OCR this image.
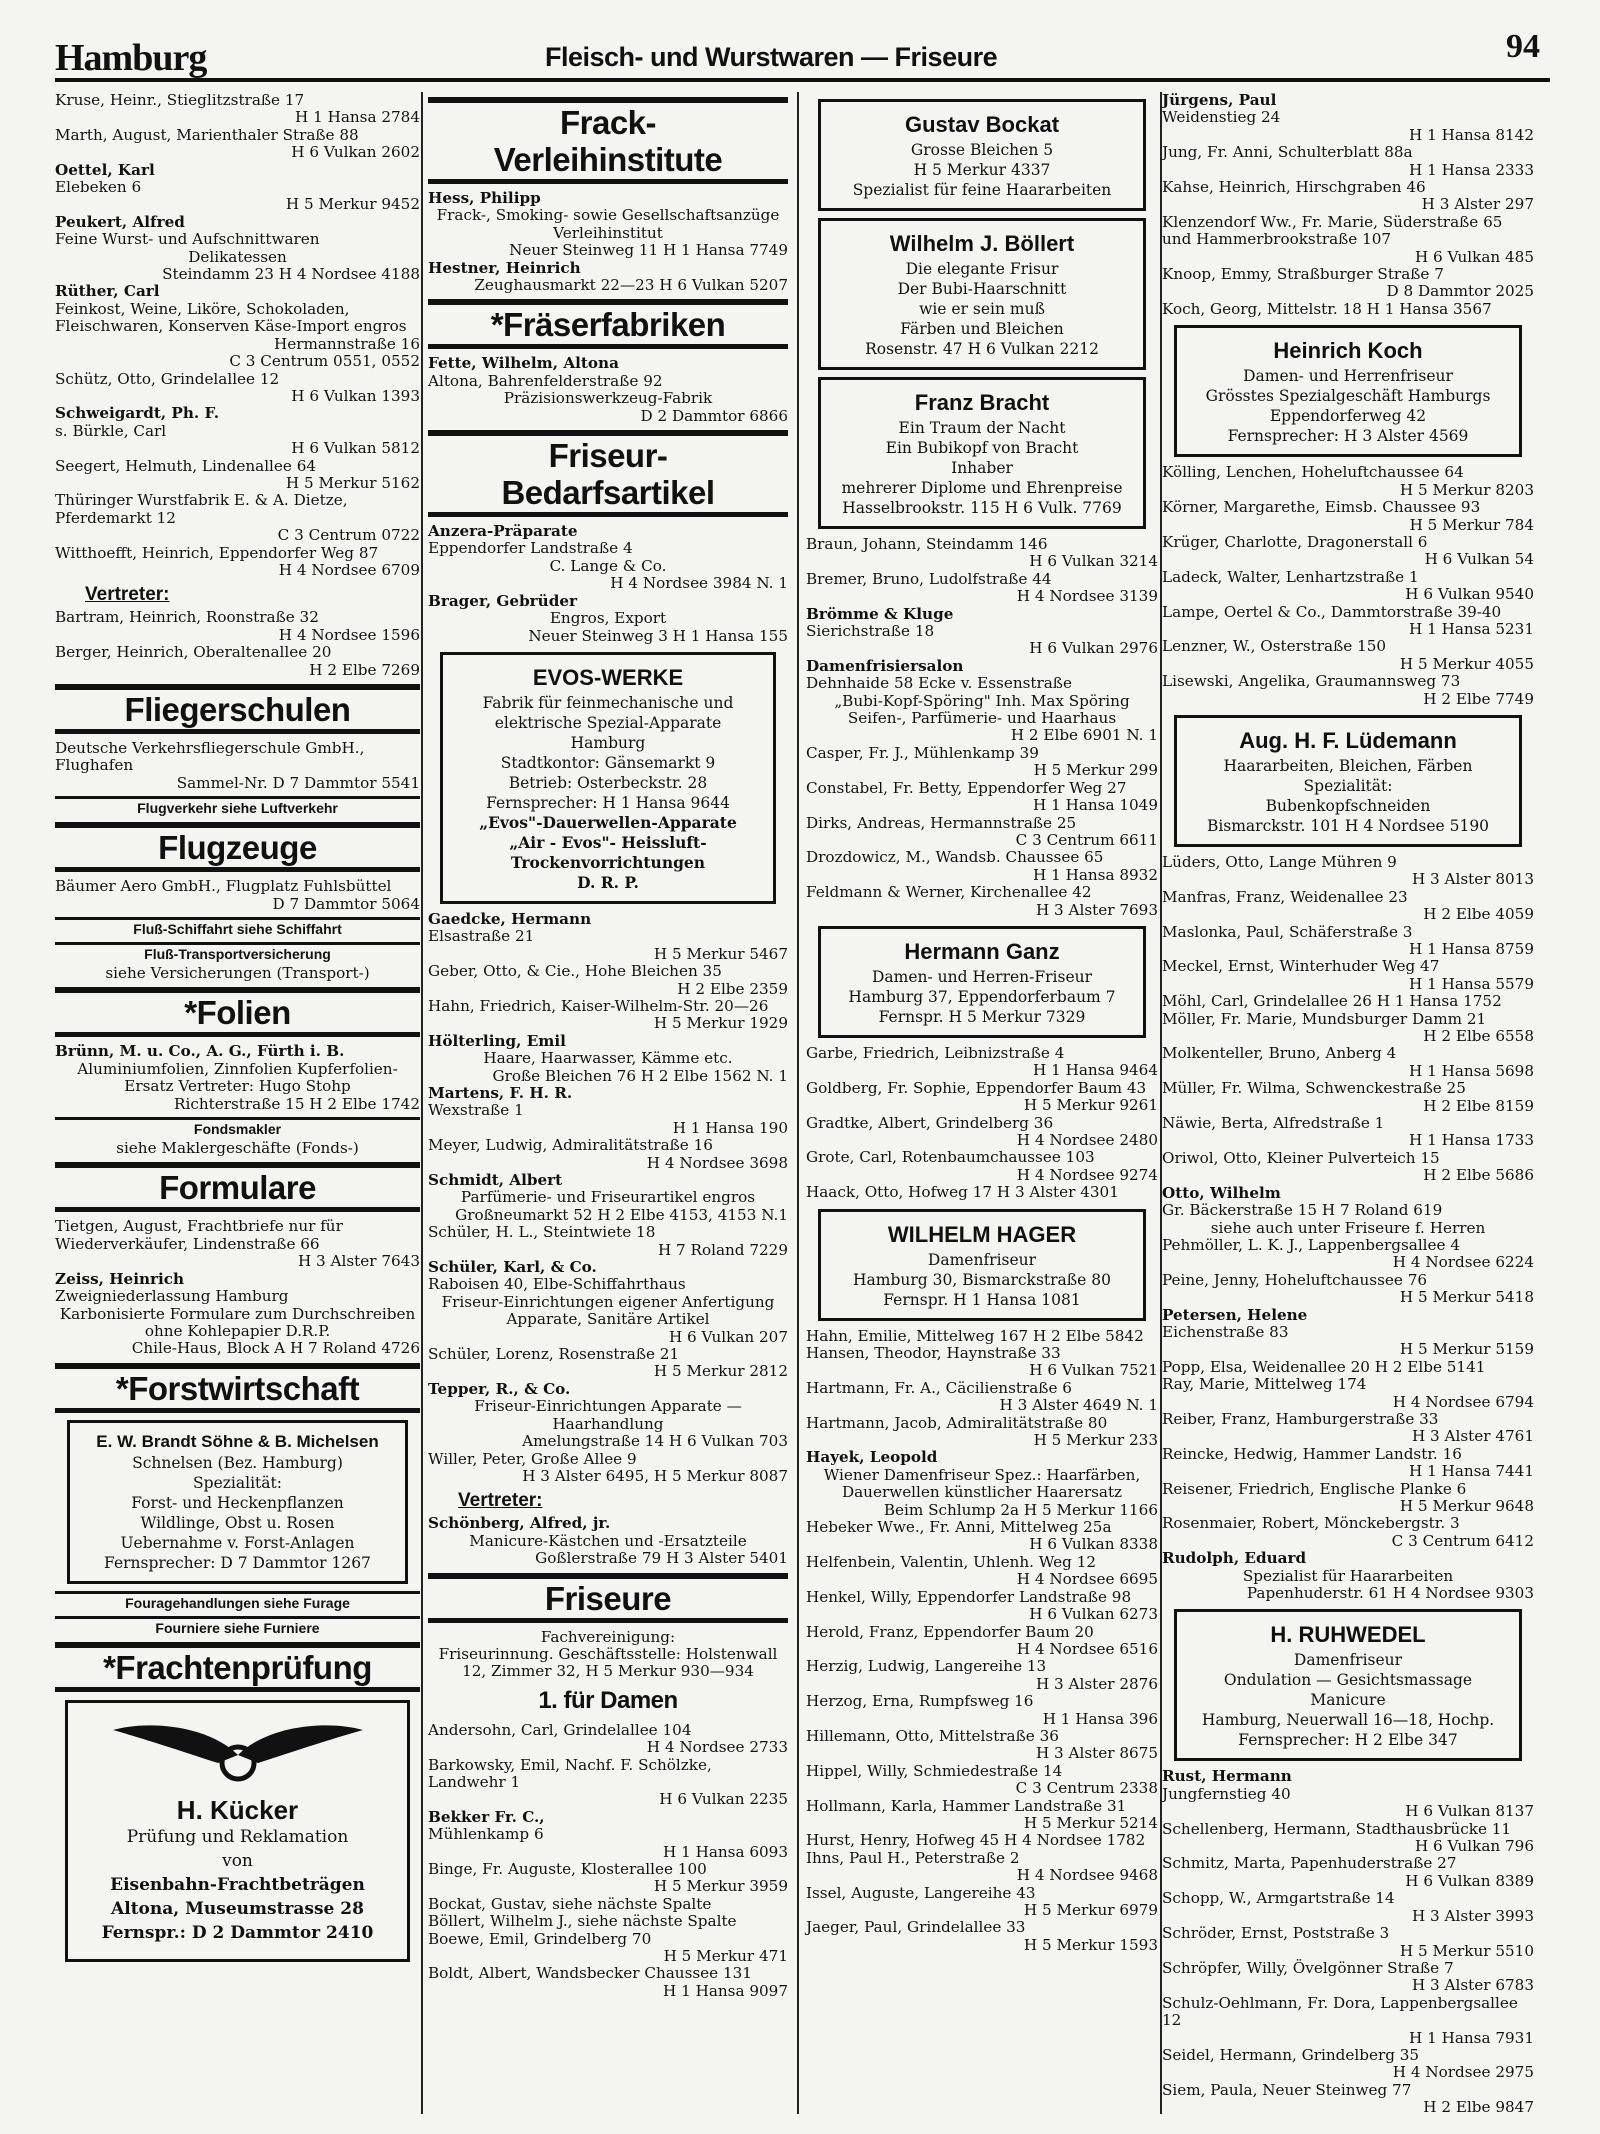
Hamburg	Fleisch- und Wurstwaren — Friseure	94
Kruse, Heinr., Stieglitzstraße 17
H 1 Hansa 2784
Marth, August, Marienthaler Straße 88
H 6 Vulkan 2602
Oettel, Karl
Elebeken 6
H 5 Merkur 9452
Peukert, Alfred
Feine Wurst- und Aufschnittwaren
Delikatessen
Steindamm 23 H 4 Nordsee 4188
Rüther, Carl
Feinkost, Weine, Liköre, Schokoladen, Fleischwaren, Konserven Käse-Import engros
Hermannstraße 16
C 3 Centrum 0551, 0552
Schütz, Otto, Grindelallee 12
H 6 Vulkan 1393
Schweigardt, Ph. F.
s. Bürkle, Carl
H 6 Vulkan 5812
Seegert, Helmuth, Lindenallee 64
H 5 Merkur 5162
Thüringer Wurstfabrik E. & A. Dietze, Pferdemarkt 12
C 3 Centrum 0722
Witthoefft, Heinrich, Eppendorfer Weg 87
H 4 Nordsee 6709
Vertreter:
Bartram, Heinrich, Roonstraße 32
H 4 Nordsee 1596
Berger, Heinrich, Oberaltenallee 20
H 2 Elbe 7269
Fliegerschulen
Deutsche Verkehrsfliegerschule GmbH., Flughafen
Sammel-Nr. D 7 Dammtor 5541
Flugverkehr siehe Luftverkehr
Flugzeuge
Bäumer Aero GmbH., Flugplatz Fuhlsbüttel
D 7 Dammtor 5064
Fluß-Schiffahrt siehe Schiffahrt
Fluß-Transportversicherung
siehe Versicherungen (Transport-)
*Folien
Brünn, M. u. Co., A. G., Fürth i. B.
Aluminiumfolien, Zinnfolien Kupferfolien-Ersatz Vertreter: Hugo Stohp
Richterstraße 15 H 2 Elbe 1742
Fondsmakler
siehe Maklergeschäfte (Fonds-)
Formulare
Tietgen, August, Frachtbriefe nur für Wiederverkäufer, Lindenstraße 66
H 3 Alster 7643
Zeiss, Heinrich
Zweigniederlassung Hamburg
Karbonisierte Formulare zum Durchschreiben ohne Kohlepapier D.R.P.
Chile-Haus, Block A H 7 Roland 4726
*Forstwirtschaft
E. W. Brandt Söhne & B. Michelsen
Schnelsen (Bez. Hamburg)
Spezialität:
Forst- und Heckenpflanzen
Wildlinge, Obst u. Rosen
Uebernahme v. Forst-Anlagen
Fernsprecher: D 7 Dammtor 1267
Fouragehandlungen siehe Furage
Fourniere siehe Furniere
*Frachtenprüfung
H. Kücker
Prüfung und Reklamation
von
Eisenbahn-Frachtbeträgen
Altona, Museumstrasse 28
Fernspr.: D 2 Dammtor 2410
Frack-
Verleihinstitute
Hess, Philipp
Frack-, Smoking- sowie Gesellschaftsanzüge Verleihinstitut
Neuer Steinweg 11 H 1 Hansa 7749
Hestner, Heinrich
Zeughausmarkt 22—23 H 6 Vulkan 5207
*Fräserfabriken
Fette, Wilhelm, Altona
Altona, Bahrenfelderstraße 92
Präzisionswerkzeug-Fabrik
D 2 Dammtor 6866
Friseur-
Bedarfsartikel
Anzera-Präparate
Eppendorfer Landstraße 4
C. Lange & Co.
H 4 Nordsee 3984 N. 1
Brager, Gebrüder
Engros, Export
Neuer Steinweg 3 H 1 Hansa 155
EVOS-WERKE
Fabrik für feinmechanische und
elektrische Spezial-Apparate
Hamburg
Stadtkontor: Gänsemarkt 9
Betrieb: Osterbeckstr. 28
Fernsprecher: H 1 Hansa 9644
„Evos"-Dauerwellen-Apparate
„Air - Evos"- Heissluft-
Trockenvorrichtungen
D. R. P.
Gaedcke, Hermann
Elsastraße 21
H 5 Merkur 5467
Geber, Otto, & Cie., Hohe Bleichen 35
H 2 Elbe 2359
Hahn, Friedrich, Kaiser-Wilhelm-Str. 20—26
H 5 Merkur 1929
Hölterling, Emil
Haare, Haarwasser, Kämme etc.
Große Bleichen 76 H 2 Elbe 1562 N. 1
Martens, F. H. R.
Wexstraße 1
H 1 Hansa 190
Meyer, Ludwig, Admiralitätstraße 16
H 4 Nordsee 3698
Schmidt, Albert
Parfümerie- und Friseurartikel engros
Großneumarkt 52 H 2 Elbe 4153, 4153 N.1
Schüler, H. L., Steintwiete 18
H 7 Roland 7229
Schüler, Karl, & Co.
Raboisen 40, Elbe-Schiffahrthaus
Friseur-Einrichtungen eigener Anfertigung Apparate, Sanitäre Artikel
H 6 Vulkan 207
Schüler, Lorenz, Rosenstraße 21
H 5 Merkur 2812
Tepper, R., & Co.
Friseur-Einrichtungen Apparate — Haarhandlung
Amelungstraße 14 H 6 Vulkan 703
Willer, Peter, Große Allee 9
H 3 Alster 6495, H 5 Merkur 8087
Vertreter:
Schönberg, Alfred, jr.
Manicure-Kästchen und -Ersatzteile
Goßlerstraße 79 H 3 Alster 5401
Friseure
Fachvereinigung:
Friseurinnung. Geschäftsstelle: Holstenwall 12, Zimmer 32, H 5 Merkur 930—934
1. für Damen
Andersohn, Carl, Grindelallee 104
H 4 Nordsee 2733
Barkowsky, Emil, Nachf. F. Schölzke, Landwehr 1
H 6 Vulkan 2235
Bekker Fr. C.,
Mühlenkamp 6
H 1 Hansa 6093
Binge, Fr. Auguste, Klosterallee 100
H 5 Merkur 3959
Bockat, Gustav, siehe nächste Spalte
Böllert, Wilhelm J., siehe nächste Spalte
Boewe, Emil, Grindelberg 70
H 5 Merkur 471
Boldt, Albert, Wandsbecker Chaussee 131
H 1 Hansa 9097
Gustav Bockat
Grosse Bleichen 5
H 5 Merkur 4337
Spezialist für feine Haararbeiten
Wilhelm J. Böllert
Die elegante Frisur
Der Bubi-Haarschnitt
wie er sein muß
Färben und Bleichen
Rosenstr. 47 H 6 Vulkan 2212
Franz Bracht
Ein Traum der Nacht
Ein Bubikopf von Bracht
Inhaber
mehrerer Diplome und Ehrenpreise
Hasselbrookstr. 115 H 6 Vulk. 7769
Braun, Johann, Steindamm 146
H 6 Vulkan 3214
Bremer, Bruno, Ludolfstraße 44
H 4 Nordsee 3139
Brömme & Kluge
Sierichstraße 18
H 6 Vulkan 2976
Damenfrisiersalon
Dehnhaide 58 Ecke v. Essenstraße
„Bubi-Kopf-Spöring" Inh. Max Spöring Seifen-, Parfümerie- und Haarhaus
H 2 Elbe 6901 N. 1
Casper, Fr. J., Mühlenkamp 39
H 5 Merkur 299
Constabel, Fr. Betty, Eppendorfer Weg 27
H 1 Hansa 1049
Dirks, Andreas, Hermannstraße 25
C 3 Centrum 6611
Drozdowicz, M., Wandsb. Chaussee 65
H 1 Hansa 8932
Feldmann & Werner, Kirchenallee 42
H 3 Alster 7693
Hermann Ganz
Damen- und Herren-Friseur
Hamburg 37, Eppendorferbaum 7
Fernspr. H 5 Merkur 7329
Garbe, Friedrich, Leibnizstraße 4
H 1 Hansa 9464
Goldberg, Fr. Sophie, Eppendorfer Baum 43
H 5 Merkur 9261
Gradtke, Albert, Grindelberg 36
H 4 Nordsee 2480
Grote, Carl, Rotenbaumchaussee 103
H 4 Nordsee 9274
Haack, Otto, Hofweg 17 H 3 Alster 4301
WILHELM HAGER
Damenfriseur
Hamburg 30, Bismarckstraße 80
Fernspr. H 1 Hansa 1081
Hahn, Emilie, Mittelweg 167 H 2 Elbe 5842
Hansen, Theodor, Haynstraße 33
H 6 Vulkan 7521
Hartmann, Fr. A., Cäcilienstraße 6
H 3 Alster 4649 N. 1
Hartmann, Jacob, Admiralitätstraße 80
H 5 Merkur 233
Hayek, Leopold
Wiener Damenfriseur Spez.: Haarfärben, Dauerwellen künstlicher Haarersatz
Beim Schlump 2a H 5 Merkur 1166
Hebeker Wwe., Fr. Anni, Mittelweg 25a
H 6 Vulkan 8338
Helfenbein, Valentin, Uhlenh. Weg 12
H 4 Nordsee 6695
Henkel, Willy, Eppendorfer Landstraße 98
H 6 Vulkan 6273
Herold, Franz, Eppendorfer Baum 20
H 4 Nordsee 6516
Herzig, Ludwig, Langereihe 13
H 3 Alster 2876
Herzog, Erna, Rumpfsweg 16
H 1 Hansa 396
Hillemann, Otto, Mittelstraße 36
H 3 Alster 8675
Hippel, Willy, Schmiedestraße 14
C 3 Centrum 2338
Hollmann, Karla, Hammer Landstraße 31
H 5 Merkur 5214
Hurst, Henry, Hofweg 45 H 4 Nordsee 1782
Ihns, Paul H., Peterstraße 2
H 4 Nordsee 9468
Issel, Auguste, Langereihe 43
H 5 Merkur 6979
Jaeger, Paul, Grindelallee 33
H 5 Merkur 1593
Jürgens, Paul
Weidenstieg 24
H 1 Hansa 8142
Jung, Fr. Anni, Schulterblatt 88a
H 1 Hansa 2333
Kahse, Heinrich, Hirschgraben 46
H 3 Alster 297
Klenzendorf Ww., Fr. Marie, Süderstraße 65 und Hammerbrookstraße 107
H 6 Vulkan 485
Knoop, Emmy, Straßburger Straße 7
D 8 Dammtor 2025
Koch, Georg, Mittelstr. 18 H 1 Hansa 3567
Heinrich Koch
Damen- und Herrenfriseur
Grösstes Spezialgeschäft Hamburgs
Eppendorferweg 42
Fernsprecher: H 3 Alster 4569
Kölling, Lenchen, Hoheluftchaussee 64
H 5 Merkur 8203
Körner, Margarethe, Eimsb. Chaussee 93
H 5 Merkur 784
Krüger, Charlotte, Dragonerstall 6
H 6 Vulkan 54
Ladeck, Walter, Lenhartzstraße 1
H 6 Vulkan 9540
Lampe, Oertel & Co., Dammtorstraße 39-40
H 1 Hansa 5231
Lenzner, W., Osterstraße 150
H 5 Merkur 4055
Lisewski, Angelika, Graumannsweg 73
H 2 Elbe 7749
Aug. H. F. Lüdemann
Haararbeiten, Bleichen, Färben
Spezialität:
Bubenkopfschneiden
Bismarckstr. 101 H 4 Nordsee 5190
Lüders, Otto, Lange Mühren 9
H 3 Alster 8013
Manfras, Franz, Weidenallee 23
H 2 Elbe 4059
Maslonka, Paul, Schäferstraße 3
H 1 Hansa 8759
Meckel, Ernst, Winterhuder Weg 47
H 1 Hansa 5579
Möhl, Carl, Grindelallee 26 H 1 Hansa 1752
Möller, Fr. Marie, Mundsburger Damm 21
H 2 Elbe 6558
Molkenteller, Bruno, Anberg 4
H 1 Hansa 5698
Müller, Fr. Wilma, Schwenckestraße 25
H 2 Elbe 8159
Näwie, Berta, Alfredstraße 1
H 1 Hansa 1733
Oriwol, Otto, Kleiner Pulverteich 15
H 2 Elbe 5686
Otto, Wilhelm
Gr. Bäckerstraße 15 H 7 Roland 619
siehe auch unter Friseure f. Herren
Pehmöller, L. K. J., Lappenbergsallee 4
H 4 Nordsee 6224
Peine, Jenny, Hoheluftchaussee 76
H 5 Merkur 5418
Petersen, Helene
Eichenstraße 83
H 5 Merkur 5159
Popp, Elsa, Weidenallee 20 H 2 Elbe 5141
Ray, Marie, Mittelweg 174
H 4 Nordsee 6794
Reiber, Franz, Hamburgerstraße 33
H 3 Alster 4761
Reincke, Hedwig, Hammer Landstr. 16
H 1 Hansa 7441
Reisener, Friedrich, Englische Planke 6
H 5 Merkur 9648
Rosenmaier, Robert, Mönckebergstr. 3
C 3 Centrum 6412
Rudolph, Eduard
Spezialist für Haararbeiten
Papenhuderstr. 61 H 4 Nordsee 9303
H. RUHWEDEL
Damenfriseur
Ondulation — Gesichtsmassage
Manicure
Hamburg, Neuerwall 16—18, Hochp.
Fernsprecher: H 2 Elbe 347
Rust, Hermann
Jungfernstieg 40
H 6 Vulkan 8137
Schellenberg, Hermann, Stadthausbrücke 11
H 6 Vulkan 796
Schmitz, Marta, Papenhuderstraße 27
H 6 Vulkan 8389
Schopp, W., Armgartstraße 14
H 3 Alster 3993
Schröder, Ernst, Poststraße 3
H 5 Merkur 5510
Schröpfer, Willy, Övelgönner Straße 7
H 3 Alster 6783
Schulz-Oehlmann, Fr. Dora, Lappenbergsallee 12
H 1 Hansa 7931
Seidel, Hermann, Grindelberg 35
H 4 Nordsee 2975
Siem, Paula, Neuer Steinweg 77
H 2 Elbe 9847
